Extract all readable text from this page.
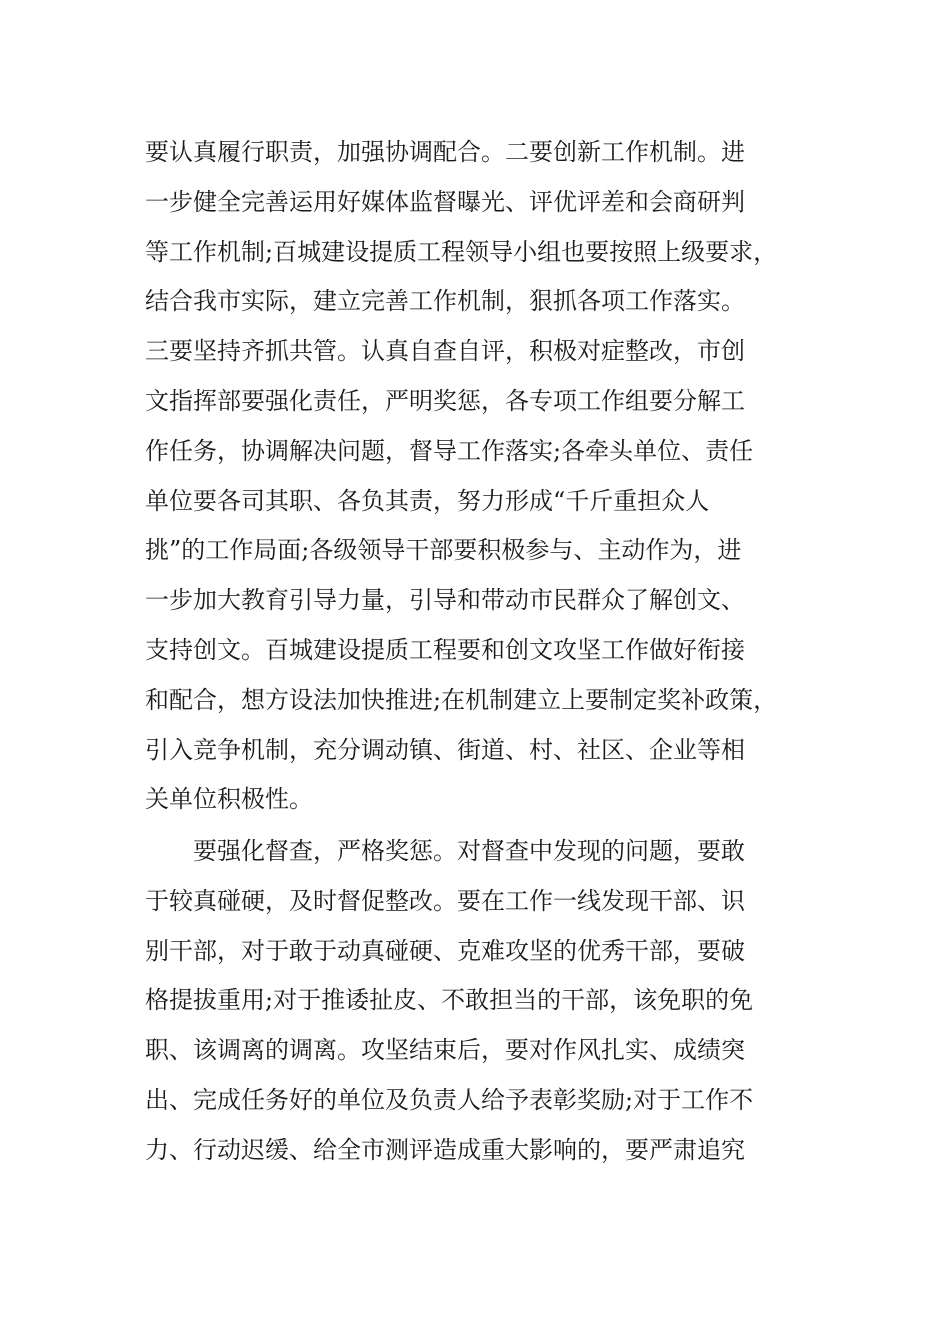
要认真履行职责，加强协调配合。二要创新工作机制。进
一步健全完善运用好媒体监督曝光、评优评差和会商研判
等工作机制;百城建设提质工程领导小组也要按照上级要求，
结合我市实际，建立完善工作机制，狠抓各项工作落实。
三要坚持齐抓共管。认真自查自评，积极对症整改，市创
文指挥部要强化责任，严明奖惩，各专项工作组要分解工
作任务，协调解决问题，督导工作落实;各牵头单位、责任
单位要各司其职、各负其责，努力形成“千斤重担众人
挑”的工作局面;各级领导干部要积极参与、主动作为，进
一步加大教育引导力量，引导和带动市民群众了解创文、
支持创文。百城建设提质工程要和创文攻坚工作做好衔接
和配合，想方设法加快推进;在机制建立上要制定奖补政策，
引入竞争机制，充分调动镇、街道、村、社区、企业等相
关单位积极性。
　　要强化督查，严格奖惩。对督查中发现的问题，要敢
于较真碰硬，及时督促整改。要在工作一线发现干部、识
别干部，对于敢于动真碰硬、克难攻坚的优秀干部，要破
格提拔重用;对于推诿扯皮、不敢担当的干部，该免职的免
职、该调离的调离。攻坚结束后，要对作风扎实、成绩突
出、完成任务好的单位及负责人给予表彰奖励;对于工作不
力、行动迟缓、给全市测评造成重大影响的，要严肃追究
